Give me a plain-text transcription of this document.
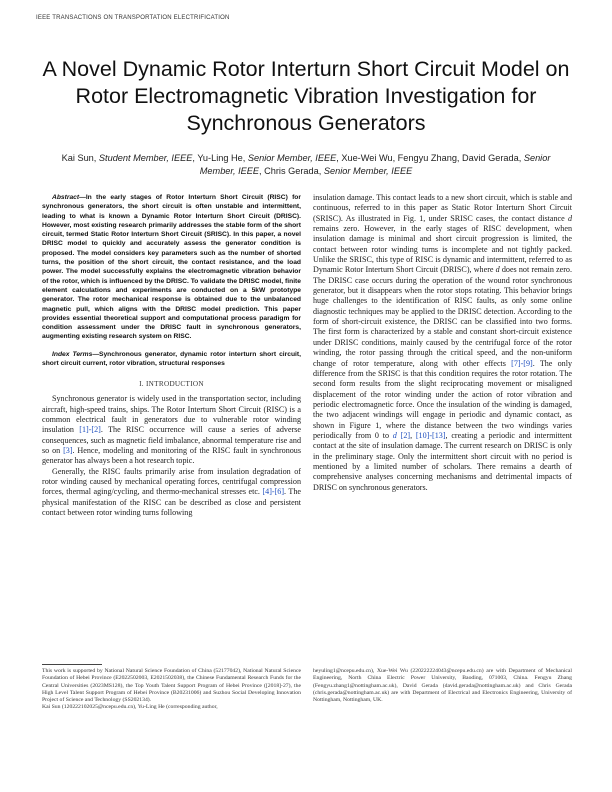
IEEE TRANSACTIONS ON TRANSPORTATION ELECTRIFICATION
A Novel Dynamic Rotor Interturn Short Circuit Model on Rotor Electromagnetic Vibration Investigation for Synchronous Generators
Kai Sun, Student Member, IEEE, Yu-Ling He, Senior Member, IEEE, Xue-Wei Wu, Fengyu Zhang, David Gerada, Senior Member, IEEE, Chris Gerada, Senior Member, IEEE

Abstract—In the early stages of Rotor Interturn Short Circuit (RISC) for synchronous generators, the short circuit is often unstable and intermittent, leading to what is known a Dynamic Rotor Interturn Short Circuit (DRISC). However, most existing research primarily addresses the stable form of the short circuit, termed Static Rotor Interturn Short Circuit (SRISC). In this paper, a novel DRISC model to quickly and accurately assess the generator condition is proposed. The model considers key parameters such as the number of shorted turns, the position of the short circuit, the contact resistance, and the load power. The model successfully explains the electromagnetic vibration behavior of the rotor, which is influenced by the DRISC. To validate the DRISC model, finite element calculations and experiments are conducted on a 5kW prototype generator. The rotor mechanical response is obtained due to the unbalanced magnetic pull, which aligns with the DRISC model prediction. This paper provides essential theoretical support and computational process paradigm for condition assessment under the DRISC fault in synchronous generators, augmenting existing research system on RISC.

Index Terms—Synchronous generator, dynamic rotor interturn short circuit, short circuit current, rotor vibration, structural responses

I. INTRODUCTION

Synchronous generator is widely used in the transportation sector, including aircraft, high-speed trains, ships. The Rotor Interturn Short Circuit (RISC) is a common electrical fault in generators due to vulnerable rotor winding insulation [1]-[2]. The RISC occurrence will cause a series of adverse consequences, such as magnetic field imbalance, abnormal temperature rise and so on [3]. Hence, modeling and monitoring of the RISC fault in synchronous generator has always been a hot research topic.

Generally, the RISC faults primarily arise from insulation degradation of rotor winding caused by mechanical operating forces, centrifugal compression forces, thermal aging/cycling, and thermo-mechanical stresses etc. [4]-[6]. The physical manifestation of the RISC can be described as close and persistent contact between rotor winding turns following

insulation damage. This contact leads to a new short circuit, which is stable and continuous, referred to in this paper as Static Rotor Interturn Short Circuit (SRISC). As illustrated in Fig. 1, under SRISC cases, the contact distance d remains zero. However, in the early stages of RISC development, when insulation damage is minimal and short circuit progression is limited, the contact between rotor winding turns is incomplete and not tightly packed. Unlike the SRISC, this type of RISC is dynamic and intermittent, referred to as Dynamic Rotor Interturn Short Circuit (DRISC), where d does not remain zero. The DRISC case occurs during the operation of the wound rotor synchronous generator, but it disappears when the rotor stops rotating. This behavior brings huge challenges to the identification of RISC faults, as only some online diagnostic techniques may be applied to the DRISC detection. According to the form of short-circuit existence, the DRISC can be classified into two forms. The first form is characterized by a stable and constant short-circuit existence under DRISC conditions, mainly caused by the centrifugal force of the rotor winding, the rotor passing through the critical speed, and the non-uniform change of rotor temperature, along with other effects [7]-[9]. The only difference from the SRISC is that this condition requires the rotor rotation. The second form results from the slight reciprocating movement or misaligned displacement of the rotor winding under the action of rotor vibration and periodic electromagnetic force. Once the insulation of the winding is damaged, the two adjacent windings will engage in periodic and dynamic contact, as shown in Figure 1, where the distance between the two windings varies periodically from 0 to d [2], [10]-[13], creating a periodic and intermittent contact at the site of insulation damage. The current research on DRISC is only in the preliminary stage. Only the intermittent short circuit with no period is mentioned by a limited number of scholars. There remains a dearth of comprehensive analyses concerning mechanisms and detrimental impacts of DRISC on synchronous generators.

This work is supported by National Natural Science Foundation of China (52177042), National Natural Science Foundation of Hebei Province (E2022502003, E2021502038), the Chinese Fundamental Research Funds for the Central Universities (2023MS128), the Top Youth Talent Support Program of Hebei Province ([2018]-27), the High Level Talent Support Program of Hebei Province (B20231006) and Suzhou Social Developing Innovation Project of Science and Technology (SS202134).

Kai Sun (120222102025@ncepu.edu.cn), Yu-Ling He (corresponding author,

heyuling1@ncepu.edu.cn), Xue-Wei Wu (220222224043@ncepu.edu.cn) are with Department of Mechanical Engineering, North China Electric Power University, Baoding, 071003, China. Fengyu Zhang (Fengyu.zhang1@nottingham.ac.uk), David Gerada (david.gerada@nottingham.ac.uk) and Chris Gerada (chris.gerada@nottingham.ac.uk) are with Department of Electrical and Electronics Engineering, University of Nottingham, Nottingham, UK.
